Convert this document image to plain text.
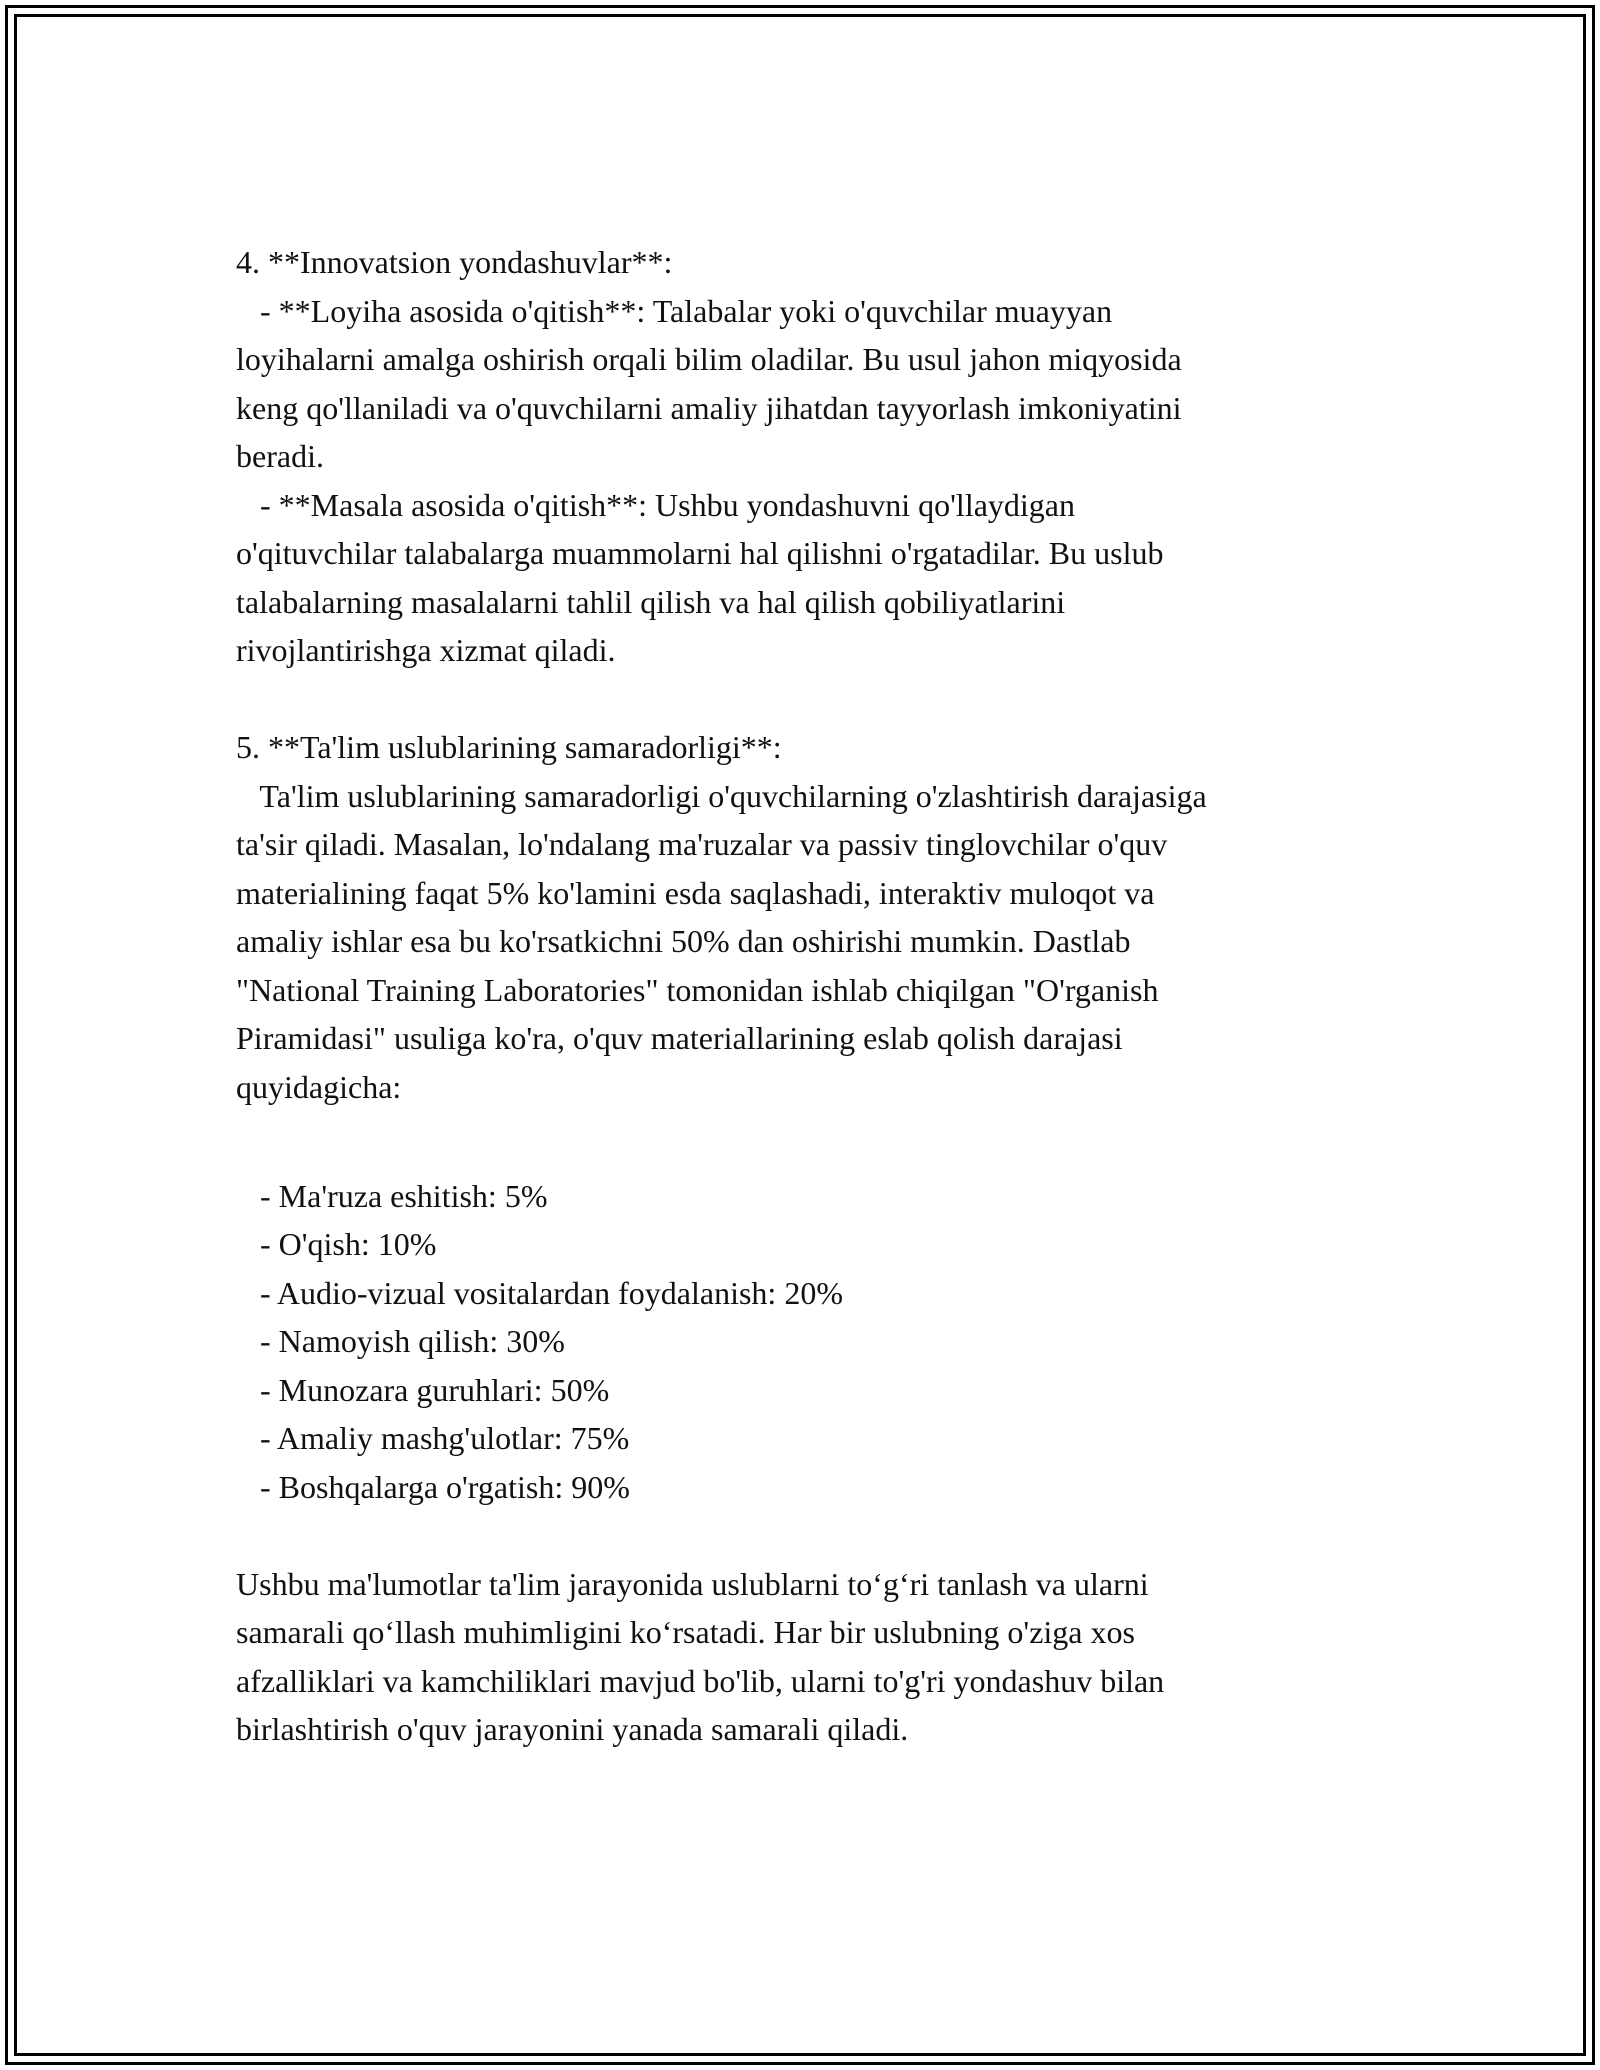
4. **Innovatsion yondashuvlar**:
- **Loyiha asosida o'qitish**: Talabalar yoki o'quvchilar muayyan
loyihalarni amalga oshirish orqali bilim oladilar. Bu usul jahon miqyosida
keng qo'llaniladi va o'quvchilarni amaliy jihatdan tayyorlash imkoniyatini
beradi.
- **Masala asosida o'qitish**: Ushbu yondashuvni qo'llaydigan
o'qituvchilar talabalarga muammolarni hal qilishni o'rgatadilar. Bu uslub
talabalarning masalalarni tahlil qilish va hal qilish qobiliyatlarini
rivojlantirishga xizmat qiladi.
5. **Ta'lim uslublarining samaradorligi**:
Ta'lim uslublarining samaradorligi o'quvchilarning o'zlashtirish darajasiga
ta'sir qiladi. Masalan, lo'ndalang ma'ruzalar va passiv tinglovchilar o'quv
materialining faqat 5% ko'lamini esda saqlashadi, interaktiv muloqot va
amaliy ishlar esa bu ko'rsatkichni 50% dan oshirishi mumkin. Dastlab
"National Training Laboratories" tomonidan ishlab chiqilgan "O'rganish
Piramidasi" usuliga ko'ra, o'quv materiallarining eslab qolish darajasi
quyidagicha:
- Ma'ruza eshitish: 5%
- O'qish: 10%
- Audio-vizual vositalardan foydalanish: 20%
- Namoyish qilish: 30%
- Munozara guruhlari: 50%
- Amaliy mashg'ulotlar: 75%
- Boshqalarga o'rgatish: 90%
Ushbu ma'lumotlar ta'lim jarayonida uslublarni to‘g‘ri tanlash va ularni
samarali qo‘llash muhimligini ko‘rsatadi. Har bir uslubning o'ziga xos
afzalliklari va kamchiliklari mavjud bo'lib, ularni to'g'ri yondashuv bilan
birlashtirish o'quv jarayonini yanada samarali qiladi.
